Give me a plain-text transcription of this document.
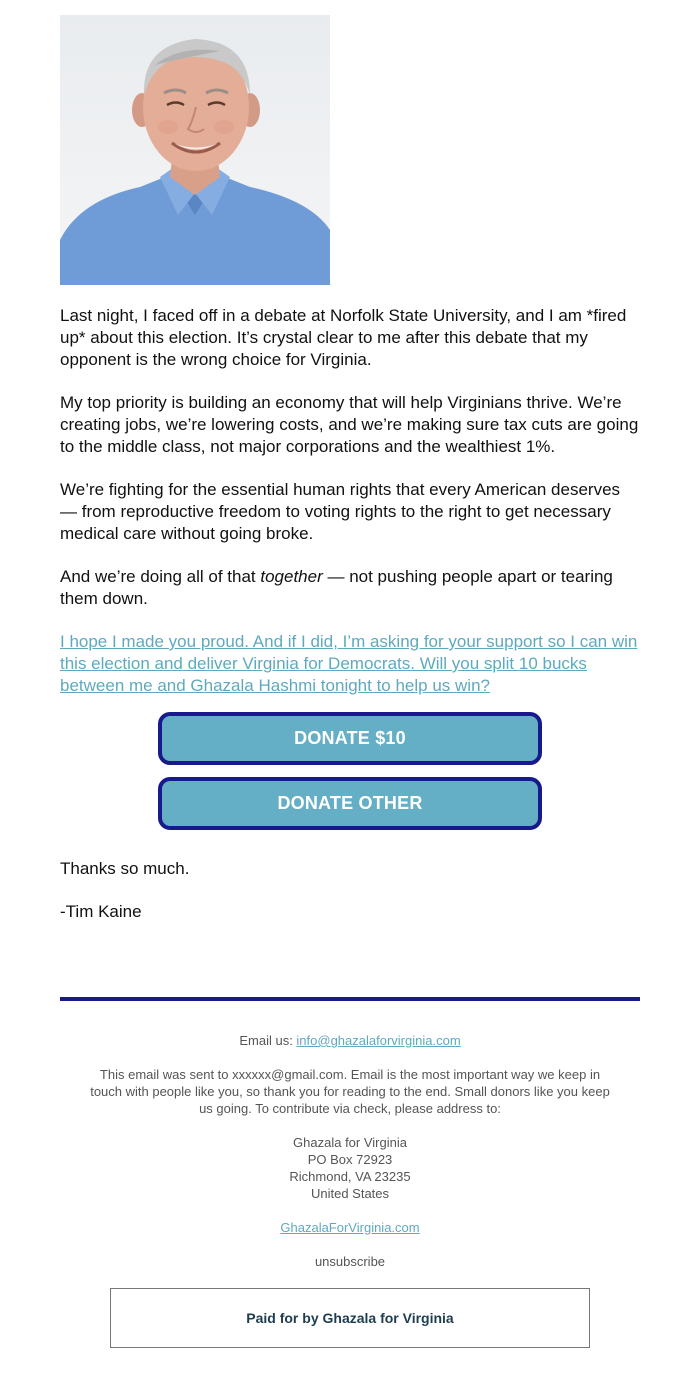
Last night, I faced off in a debate at Norfolk State University, and I am *fired up* about this election. It’s crystal clear to me after this debate that my opponent is the wrong choice for Virginia.

My top priority is building an economy that will help Virginians thrive. We’re creating jobs, we’re lowering costs, and we’re making sure tax cuts are going to the middle class, not major corporations and the wealthiest 1%.

We’re fighting for the essential human rights that every American deserves — from reproductive freedom to voting rights to the right to get necessary medical care without going broke.

And we’re doing all of that together — not pushing people apart or tearing them down.

I hope I made you proud. And if I did, I’m asking for your support so I can win this election and deliver Virginia for Democrats. Will you split 10 bucks between me and Ghazala Hashmi tonight to help us win?

DONATE $10
DONATE OTHER

Thanks so much.

-Tim Kaine

Email us: info@ghazalaforvirginia.com

This email was sent to xxxxxx@gmail.com. Email is the most important way we keep in touch with people like you, so thank you for reading to the end. Small donors like you keep us going. To contribute via check, please address to:

Ghazala for Virginia
PO Box 72923
Richmond, VA 23235
United States

GhazalaForVirginia.com

unsubscribe

Paid for by Ghazala for Virginia
